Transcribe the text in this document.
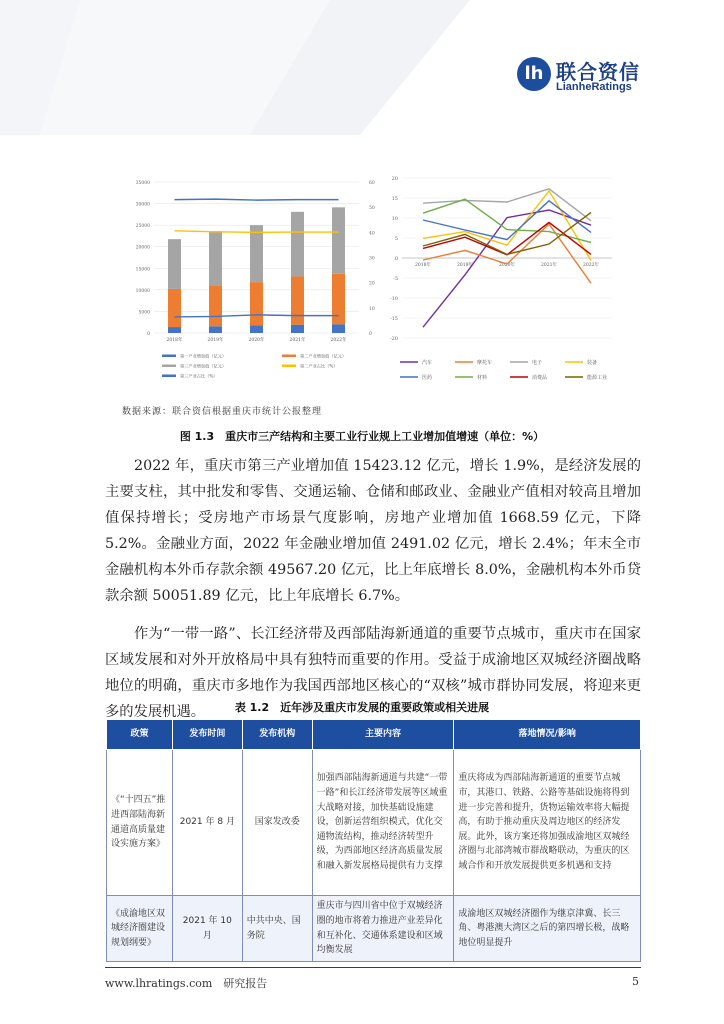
lh 联合资信
LianheRatings
35000
30000
25000
20000
15000
10000
5000
0
60
50
40
30
20
10
0
2018年	2019年	2020年	2021年	2022年
第一产业增加值（亿元）	第二产业增加值（亿元）
第三产业增加值（亿元）	第二产业占比（%）
第三产业占比（%）
20
15
10
5
0
-5
-10
-15
-20
2018年	2019年	2020年	2021年	2022年
汽车	摩托车	电子	装备
医药	材料	消费品	能源工业
数据来源：联合资信根据重庆市统计公报整理
图 1.3　重庆市三产结构和主要工业行业规上工业增加值增速（单位：%）

2022 年，重庆市第三产业增加值 15423.12 亿元，增长 1.9%，是经济发展的主要支柱，其中批发和零售、交通运输、仓储和邮政业、金融业产值相对较高且增加值保持增长；受房地产市场景气度影响，房地产业增加值 1668.59 亿元，下降 5.2%。金融业方面，2022 年金融业增加值 2491.02 亿元，增长 2.4%；年末全市金融机构本外币存款余额 49567.20 亿元，比上年底增长 8.0%，金融机构本外币贷款余额 50051.89 亿元，比上年底增长 6.7%。

作为“一带一路”、长江经济带及西部陆海新通道的重要节点城市，重庆市在国家区域发展和对外开放格局中具有独特而重要的作用。受益于成渝地区双城经济圈战略地位的明确，重庆市多地作为我国西部地区核心的“双核”城市群协同发展，将迎来更多的发展机遇。	表 1.2　近年涉及重庆市发展的重要政策或相关进展
政策	发布时间	发布机构	主要内容	落地情况/影响
《“十四五”推进西部陆海新通道高质量建设实施方案》	2021 年 8 月	国家发改委	加强西部陆海新通道与共建“一带一路”和长江经济带发展等区域重大战略对接，加快基础设施建设，创新运营组织模式，优化交通物流结构，推动经济转型升级，为西部地区经济高质量发展和融入新发展格局提供有力支撑	重庆将成为西部陆海新通道的重要节点城市，其港口、铁路、公路等基础设施将得到进一步完善和提升，货物运输效率将大幅提高，有助于推动重庆及周边地区的经济发展。此外，该方案还将加强成渝地区双城经济圈与北部湾城市群战略联动，为重庆的区域合作和开放发展提供更多机遇和支持
《成渝地区双城经济圈建设规划纲要》	2021 年 10 月	中共中央、国务院	重庆市与四川省中位于双城经济圈的地市将着力推进产业差异化和互补化、交通体系建设和区域均衡发展	成渝地区双城经济圈作为继京津冀、长三角、粤港澳大湾区之后的第四增长极，战略地位明显提升
www.lhratings.com　研究报告	5
